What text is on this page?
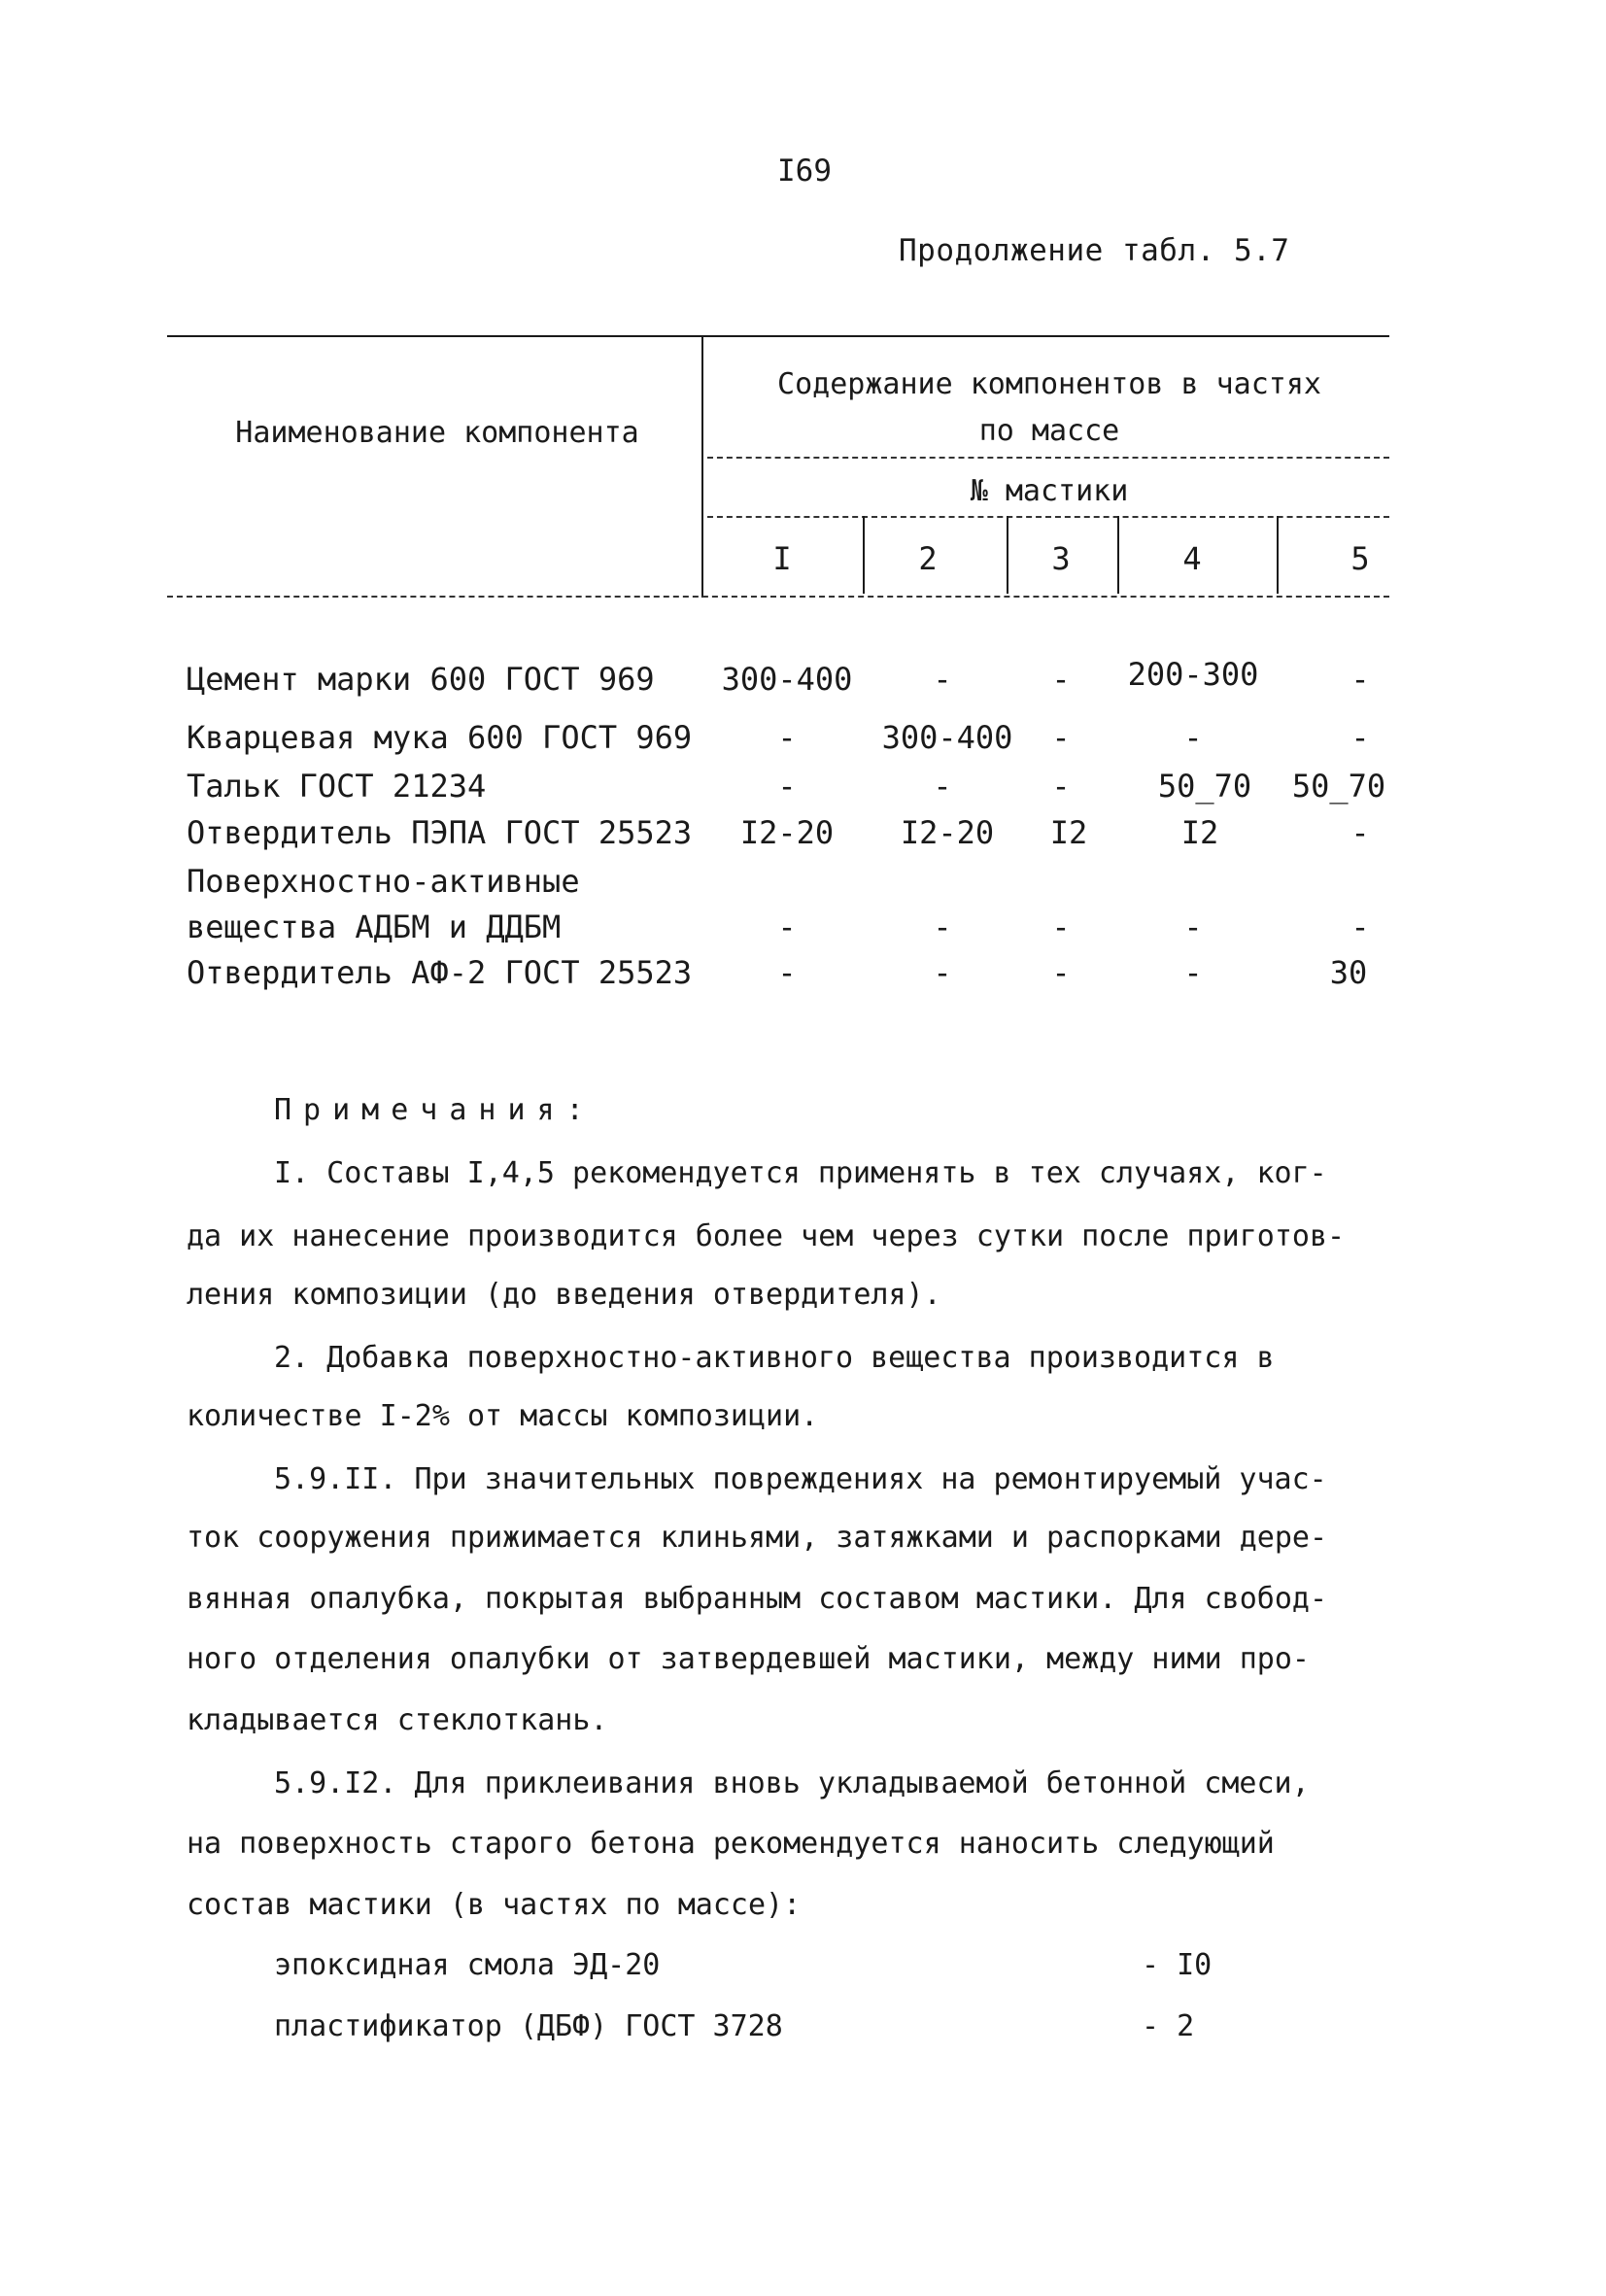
I69
Продолжение табл. 5.7
Наименование компонента
Содержание компонентов в частях
по массе
№ мастики
I	2	3	4	5
Цемент марки 600 ГОСТ 969 300-400	-	-	200-300	-
Кварцевая мука 600 ГОСТ 969	-	300-400	-	-	-
Тальк ГОСТ 21234	-	-	-	50_70	50_70
Отвердитель ПЭПА ГОСТ 25523	I2-20	I2-20	I2	I2	-
Поверхностно-активные
вещества АДБМ и ДДБМ	-	-	-	-	-
Отвердитель АФ-2 ГОСТ 25523	-	-	-	-	30
Примечания:
I. Составы I,4,5 рекомендуется применять в тех случаях, ког-
да их нанесение производится более чем через сутки после приготов-
ления композиции (до введения отвердителя).
2. Добавка поверхностно-активного вещества производится в
количестве I-2% от массы композиции.
5.9.II. При значительных повреждениях на ремонтируемый учас-
ток сооружения прижимается клиньями, затяжками и распорками дере-
вянная опалубка, покрытая выбранным составом мастики. Для свобод-
ного отделения опалубки от затвердевшей мастики, между ними про-
кладывается стеклоткань.
5.9.I2. Для приклеивания вновь укладываемой бетонной смеси,
на поверхность старого бетона рекомендуется наносить следующий
состав мастики (в частях по массе):
эпоксидная смола ЭД-20	- I0
пластификатор (ДБФ) ГОСТ 3728	- 2
